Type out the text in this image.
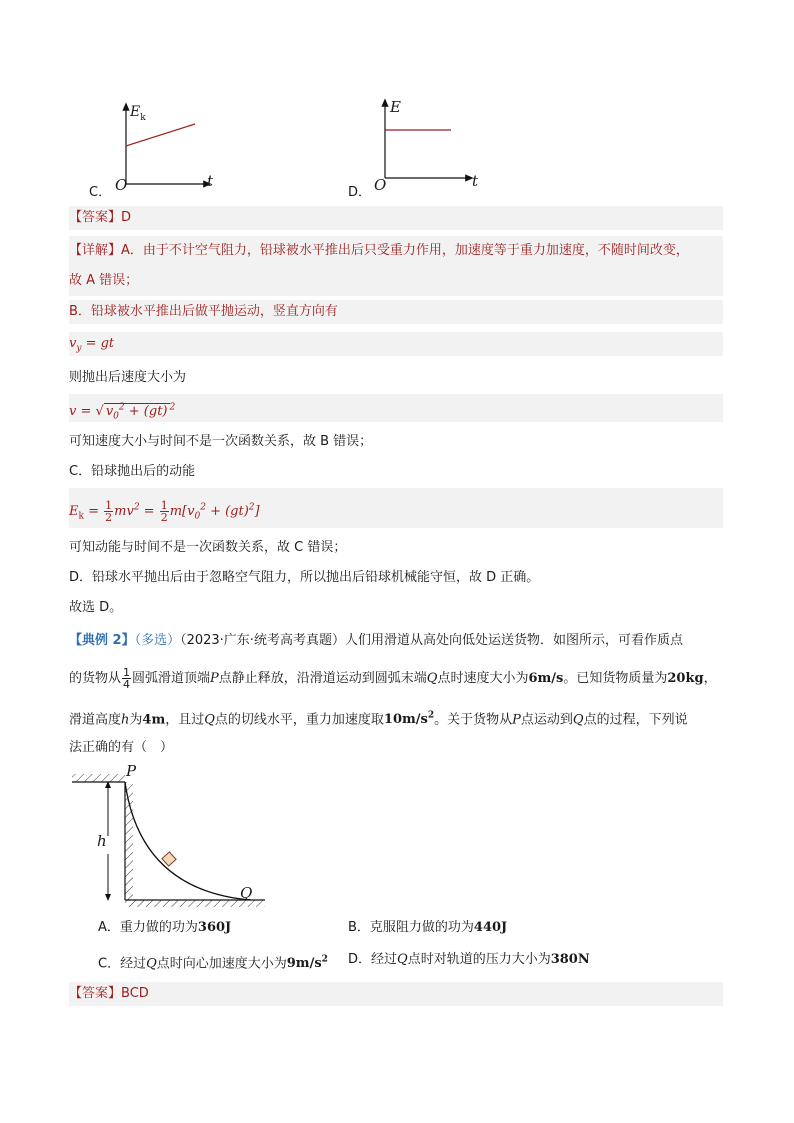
$E_k$
O	t
C．
E
O	t
D．
【答案】D
【详解】A．由于不计空气阻力，铅球被水平推出后只受重力作用，加速度等于重力加速度，不随时间改变，
故 A 错误；
B．铅球被水平推出后做平抛运动，竖直方向有
$v_y$ = gt
则抛出后速度大小为
v = √ $v_0^2 + (gt)$ $^2$
可知速度大小与时间不是一次函数关系，故 B 错误；
C．铅球抛出后的动能
$E_k = \frac{1}{2} mv^2 = \frac{1}{2} m[v_0^2 + (gt)^2]$
可知动能与时间不是一次函数关系，故 C 错误；
D．铅球水平抛出后由于忽略空气阻力，所以抛出后铅球机械能守恒，故 D 正确。
故选 D。
【典例 2】（多选）（2023·广东·统考高考真题）人们用滑道从高处向低处运送货物．如图所示，可看作质点
的货物从 $\frac{1}{4}$ 圆弧滑道顶端P点静止释放，沿滑道运动到圆弧末端Q点时速度大小为6m/s。已知货物质量为20kg，
滑道高度h为4m，且过Q点的切线水平，重力加速度取$10m/s^2$。关于货物从P点运动到Q点的过程，下列说
法正确的有（　）
P
Q
h
A．重力做的功为360J	B．克服阻力做的功为440J
C．经过Q点时向心加速度大小为$9m/s^2$ D．经过Q点时对轨道的压力大小为380N
【答案】BCD
